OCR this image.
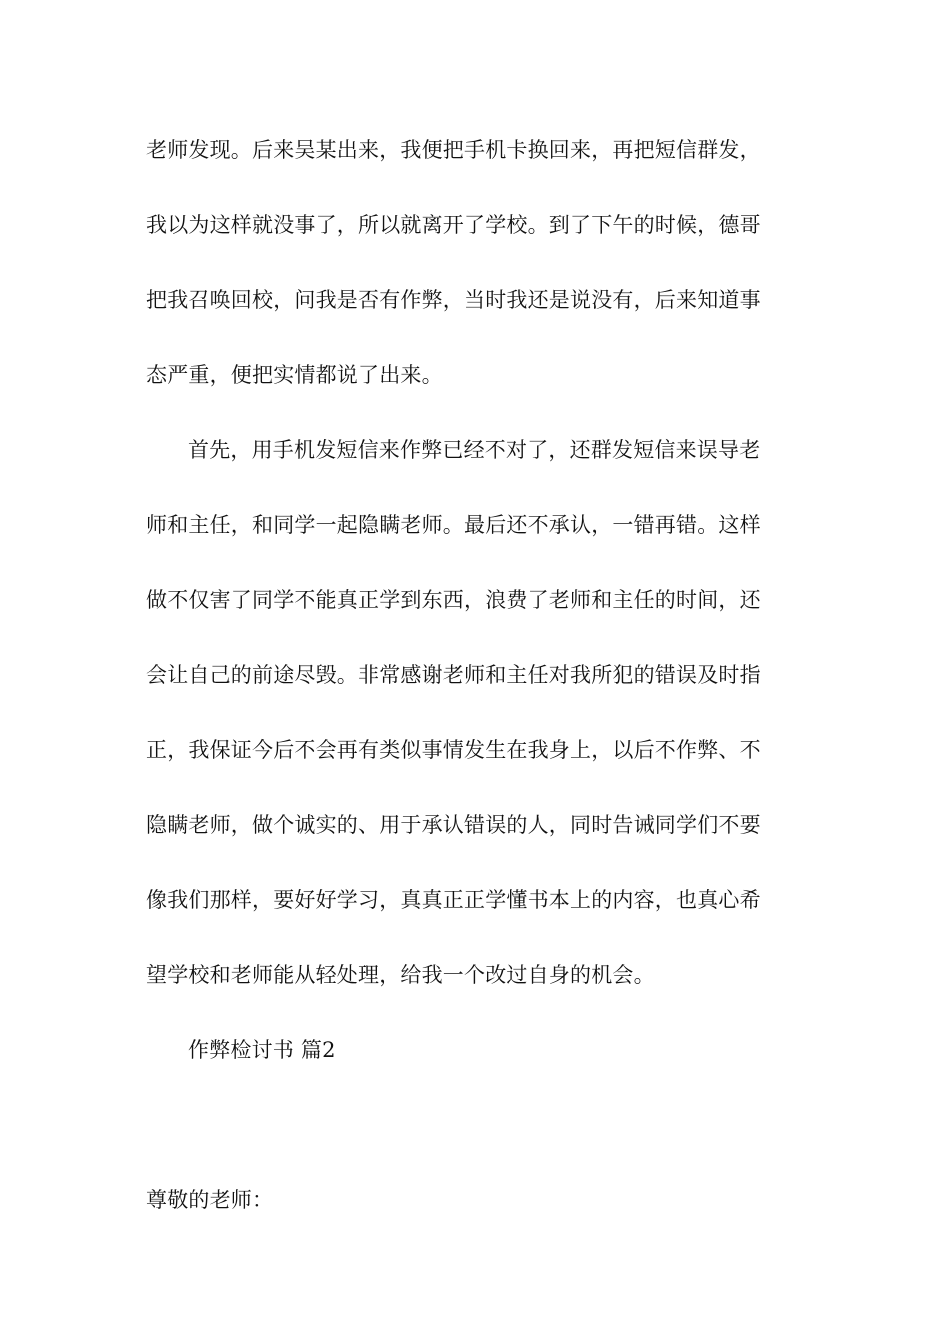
老师发现。后来吴某出来，我便把手机卡换回来，再把短信群发，
我以为这样就没事了，所以就离开了学校。到了下午的时候，德哥
把我召唤回校，问我是否有作弊，当时我还是说没有，后来知道事
态严重，便把实情都说了出来。
首先，用手机发短信来作弊已经不对了，还群发短信来误导老
师和主任，和同学一起隐瞒老师。最后还不承认，一错再错。这样
做不仅害了同学不能真正学到东西，浪费了老师和主任的时间，还
会让自己的前途尽毁。非常感谢老师和主任对我所犯的错误及时指
正，我保证今后不会再有类似事情发生在我身上，以后不作弊、不
隐瞒老师，做个诚实的、用于承认错误的人，同时告诫同学们不要
像我们那样，要好好学习，真真正正学懂书本上的内容，也真心希
望学校和老师能从轻处理，给我一个改过自身的机会。
作弊检讨书 篇2
尊敬的老师：
